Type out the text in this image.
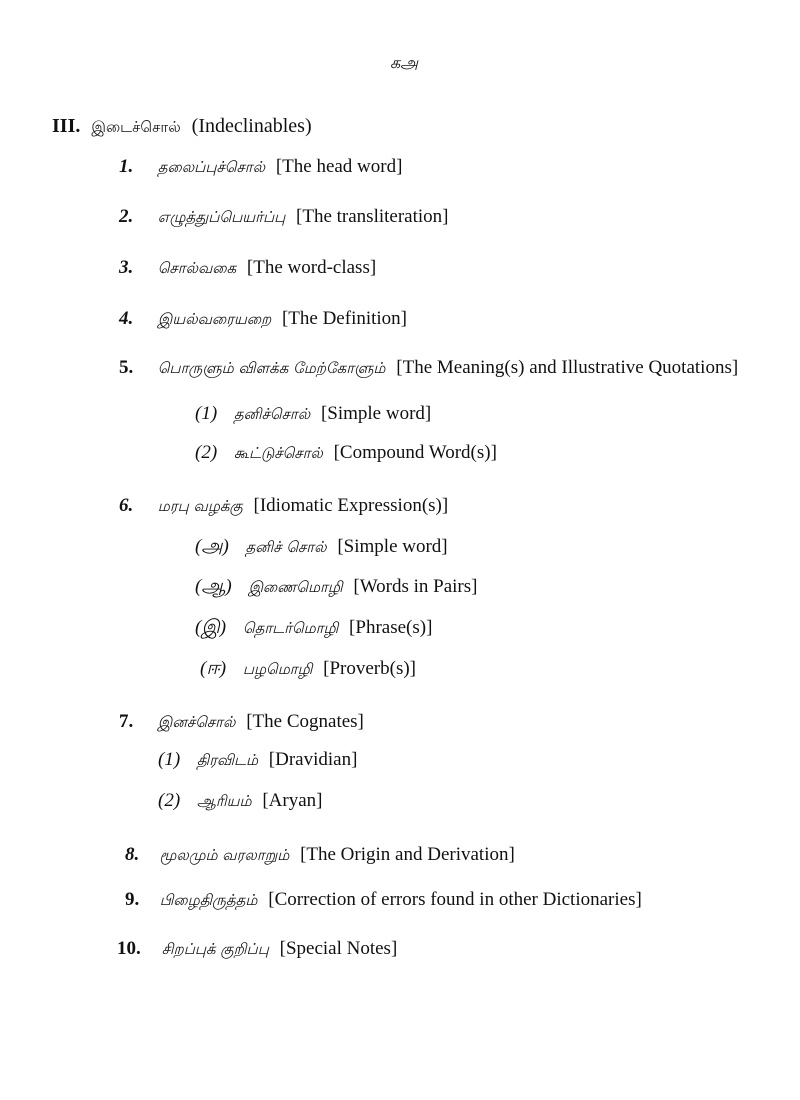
கஅ
III. இடைச்சொல் (Indeclinables)
1. தலைப்புச்சொல் [The head word]
2. எழுத்துப்பெயர்ப்பு [The transliteration]
3. சொல்வகை [The word-class]
4. இயல்வரையறை [The Definition]
5. பொருளும் விளக்க மேற்கோளும் [The Meaning(s) and Illustrative Quotations]
(1) தனிச்சொல் [Simple word]
(2) கூட்டுச்சொல் [Compound Word(s)]
6. மரபு வழக்கு [Idiomatic Expression(s)]
(அ) தனிச் சொல் [Simple word]
(ஆ) இணைமொழி [Words in Pairs]
(இ) தொடர்மொழி [Phrase(s)]
(ஈ) பழமொழி [Proverb(s)]
7. இனச்சொல் [The Cognates]
(1) திரவிடம் [Dravidian]
(2) ஆரியம் [Aryan]
8. மூலமும் வரலாறும் [The Origin and Derivation]
9. பிழைதிருத்தம் [Correction of errors found in other Dictionaries]
10. சிறப்புக் குறிப்பு [Special Notes]
